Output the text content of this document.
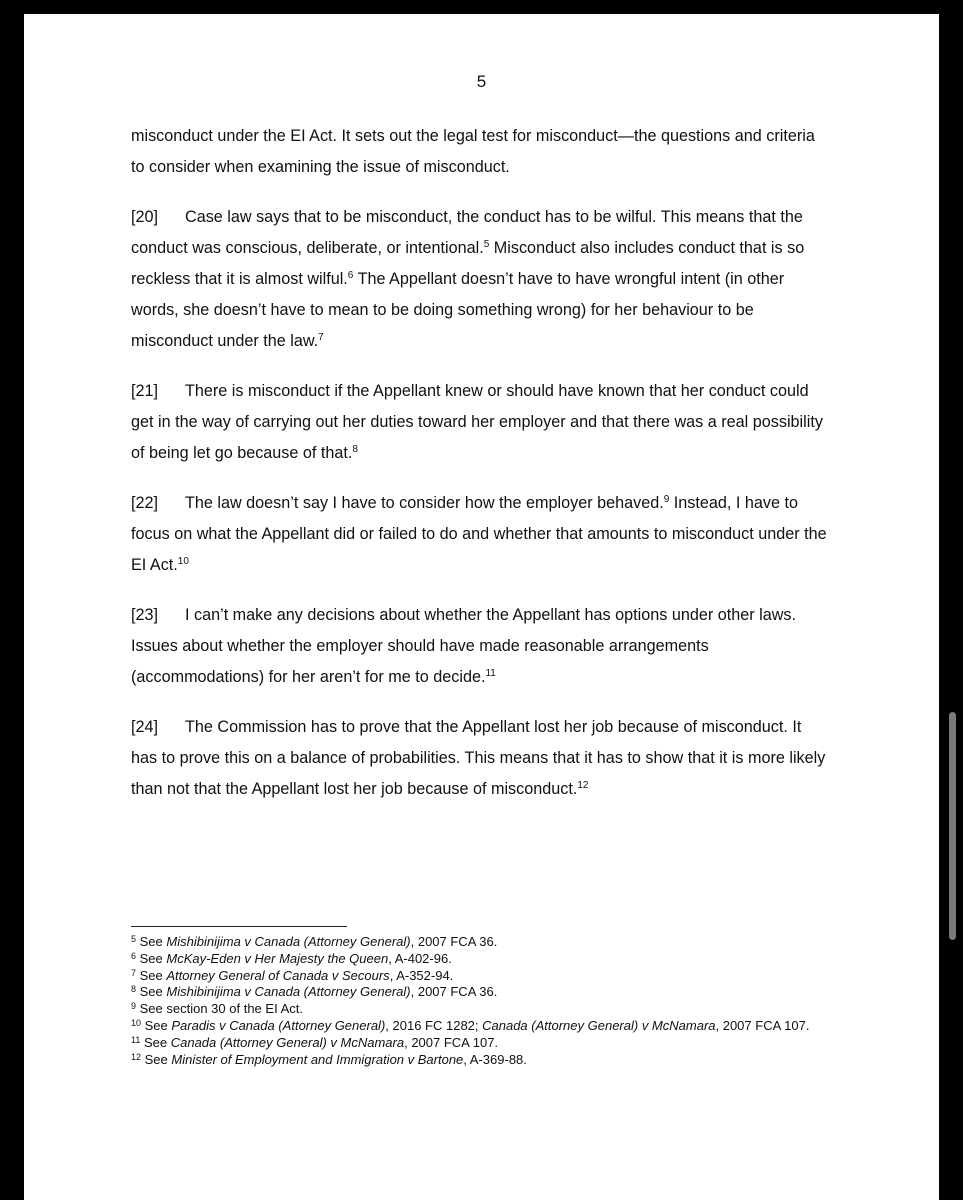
5

misconduct under the EI Act. It sets out the legal test for misconduct—the questions and criteria to consider when examining the issue of misconduct.

[20] Case law says that to be misconduct, the conduct has to be wilful. This means that the conduct was conscious, deliberate, or intentional.$^5$ Misconduct also includes conduct that is so reckless that it is almost wilful.$^6$ The Appellant doesn’t have to have wrongful intent (in other words, she doesn’t have to mean to be doing something wrong) for her behaviour to be misconduct under the law.$^7$

[21] There is misconduct if the Appellant knew or should have known that her conduct could get in the way of carrying out her duties toward her employer and that there was a real possibility of being let go because of that.$^8$

[22] The law doesn’t say I have to consider how the employer behaved.$^9$ Instead, I have to focus on what the Appellant did or failed to do and whether that amounts to misconduct under the EI Act.$^{10}$

[23] I can’t make any decisions about whether the Appellant has options under other laws. Issues about whether the employer should have made reasonable arrangements (accommodations) for her aren’t for me to decide.$^{11}$

[24] The Commission has to prove that the Appellant lost her job because of misconduct. It has to prove this on a balance of probabilities. This means that it has to show that it is more likely than not that the Appellant lost her job because of misconduct.$^{12}$

$^5$ See Mishibinijima v Canada (Attorney General), 2007 FCA 36.
$^6$ See McKay-Eden v Her Majesty the Queen, A-402-96.
$^7$ See Attorney General of Canada v Secours, A-352-94.
$^8$ See Mishibinijima v Canada (Attorney General), 2007 FCA 36.
$^9$ See section 30 of the EI Act.
$^{10}$ See Paradis v Canada (Attorney General), 2016 FC 1282; Canada (Attorney General) v McNamara, 2007 FCA 107.
$^{11}$ See Canada (Attorney General) v McNamara, 2007 FCA 107.
$^{12}$ See Minister of Employment and Immigration v Bartone, A-369-88.
